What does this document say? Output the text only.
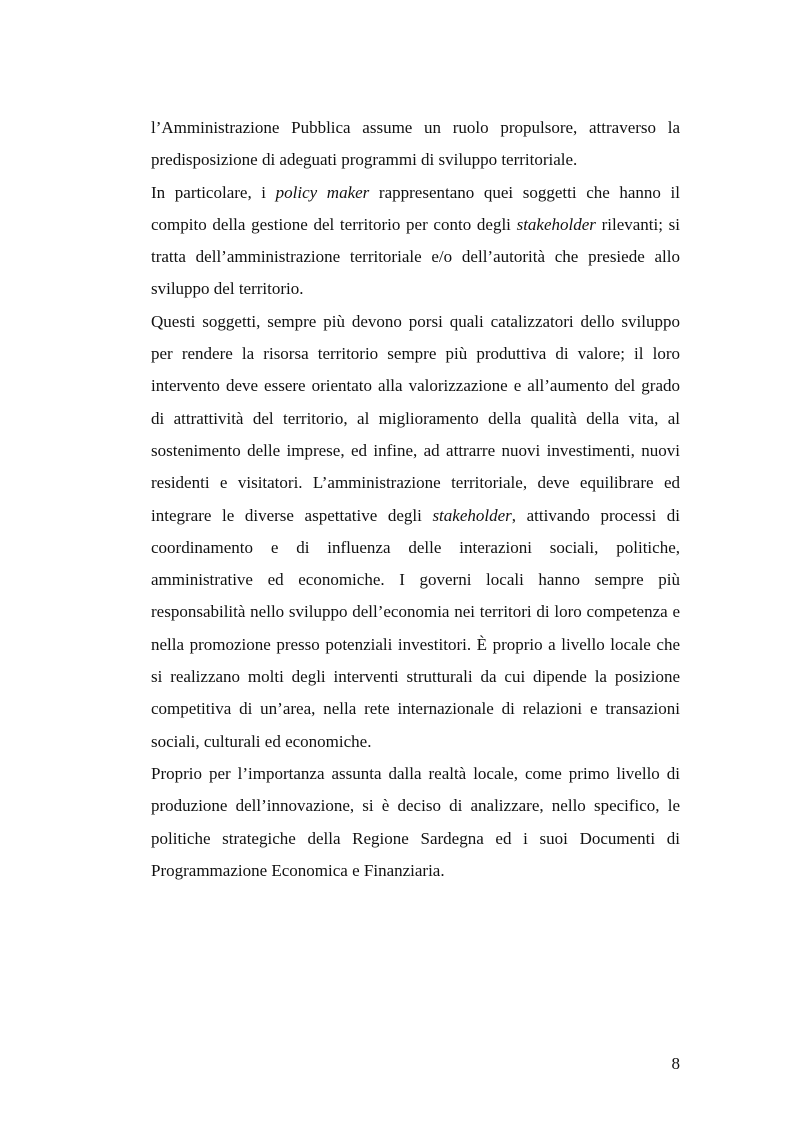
l’Amministrazione Pubblica assume un ruolo propulsore, attraverso la predisposizione di adeguati programmi di sviluppo territoriale.

In particolare, i policy maker rappresentano quei soggetti che hanno il compito della gestione del territorio per conto degli stakeholder rilevanti; si tratta dell’amministrazione territoriale e/o dell’autorità che presiede allo sviluppo del territorio.

Questi soggetti, sempre più devono porsi quali catalizzatori dello sviluppo per rendere la risorsa territorio sempre più produttiva di valore; il loro intervento deve essere orientato alla valorizzazione e all’aumento del grado di attrattività del territorio, al miglioramento della qualità della vita, al sostenimento delle imprese, ed infine, ad attrarre nuovi investimenti, nuovi residenti e visitatori. L’amministrazione territoriale, deve equilibrare ed integrare le diverse aspettative degli stakeholder, attivando processi di coordinamento e di influenza delle interazioni sociali, politiche, amministrative ed economiche. I governi locali hanno sempre più responsabilità nello sviluppo dell’economia nei territori di loro competenza e nella promozione presso potenziali investitori. È proprio a livello locale che si realizzano molti degli interventi strutturali da cui dipende la posizione competitiva di un’area, nella rete internazionale di relazioni e transazioni sociali, culturali ed economiche.

Proprio per l’importanza assunta dalla realtà locale, come primo livello di produzione dell’innovazione, si è deciso di analizzare, nello specifico, le politiche strategiche della Regione Sardegna ed i suoi Documenti di Programmazione Economica e Finanziaria.

8
